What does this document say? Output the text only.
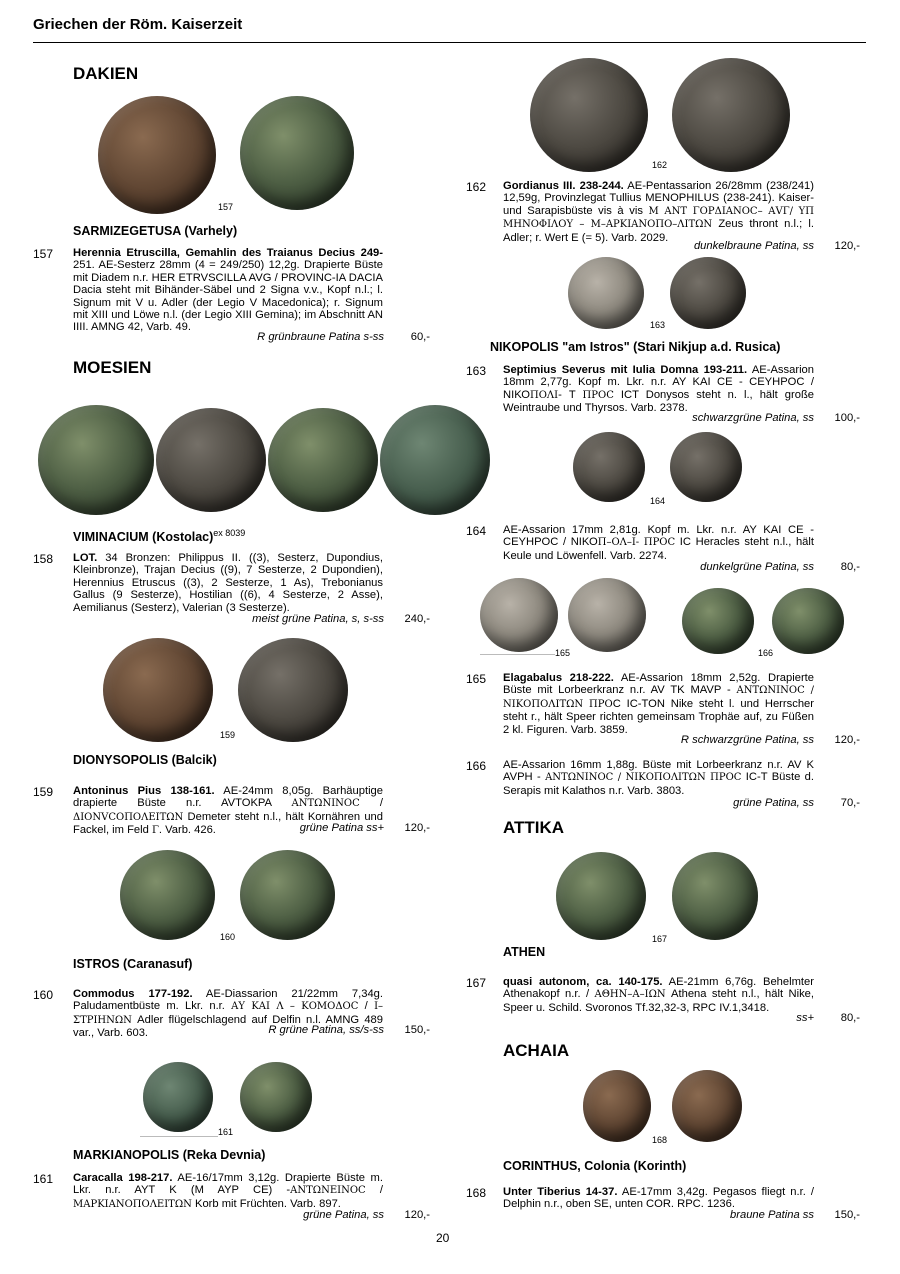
Griechen der Röm. Kaiserzeit
DAKIEN
157
SARMIZEGETUSA (Varhely)
157 Herennia Etruscilla, Gemahlin des Traianus Decius 249- 251. AE-Sesterz 28mm (4 = 249/250) 12,2g. Drapierte Büste mit Diadem n.r. HER ETRVSCILLA AVG / PROVINC-IA DACIA Dacia steht mit Bihänder-Säbel und 2 Signa v.v., Kopf n.l.; l. Signum mit V u. Adler (der Legio V Macedonica); r. Signum mit XIII und Löwe n.l. (der Legio XIII Gemina); im Abschnitt AN IIII. AMNG 42, Varb. 49.
R grünbraune Patina s-ss	60,-
MOESIEN
VIMINACIUM (Kostolac)$^{ex 8039}$
158 LOT. 34 Bronzen: Philippus II. ((3), Sesterz, Dupondius, Kleinbronze), Trajan Decius ((9), 7 Sesterze, 2 Dupondien), Herennius Etruscus ((3), 2 Sesterze, 1 As), Trebonianus Gallus (9 Sesterze), Hostilian ((6), 4 Sesterze, 2 Asse), Aemilianus (Sesterz), Valerian (3 Sesterze).
meist grüne Patina, s, s-ss	240,-
159
DIONYSOPOLIS (Balcik)
159 Antoninus Pius 138-161. AE-24mm 8,05g. Barhäuptige drapierte Büste n.r. AVTOKPA ANTΩNINOC / ΔΙΟΝVCΟΠΟΛΕΙΤΩΝ Demeter steht n.l., hält Kornähren und Fackel, im Feld Γ. Varb. 426.	grüne Patina ss+	120,-
160
ISTROS (Caranasuf)
160 Commodus 177-192. AE-Diassarion 21/22mm 7,34g. Paludamentbüste m. Lkr. n.r. ΑΥ ΚΑΙ Λ – ΚΟΜΟΔΟC / Ι–ΣΤΡΙΗΝΩΝ Adler flügelschlagend auf Delfin n.l. AMNG 489 var., Varb. 603.	R grüne Patina, ss/s-ss	150,-
161
MARKIANOPOLIS (Reka Devnia)
161 Caracalla 198-217. AE-16/17mm 3,12g. Drapierte Büste m. Lkr. n.r. AYT K (M AYP CE) -ANTΩNEINOC / ΜΑΡΚΙΑΝΟΠΟΛΕΙΤΩΝ Korb mit Früchten. Varb. 897.
grüne Patina, ss	120,-
162
162 Gordianus III. 238-244. AE-Pentassarion 26/28mm (238/241) 12,59g, Provinzlegat Tullius MENOPHILUS (238-241). Kaiser- und Sarapisbüste vis à vis Μ ΑΝΤ ΓΟΡΔΙΑΝΟC– ΑVΓ/ ΥΠ ΜΗΝΟΦΙΛΟΥ – Μ–ΑΡΚΙΑΝΟΠΟ–ΛΙΤΩΝ Zeus thront n.l.; l. Adler; r. Wert E (= 5). Varb. 2029.
dunkelbraune Patina, ss	120,-
163
NIKOPOLIS "am Istros" (Stari Nikjup a.d. Rusica)
163 Septimius Severus mit Iulia Domna 193-211. AE-Assarion 18mm 2,77g. Kopf m. Lkr. n.r. AY KAI CE - CEYHPOC / ΝΙΚΟΠΟΛΙ- T ΠΡΟC ICT Donysos steht n. l., hält große Weintraube und Thyrsos. Varb. 2378.
schwarzgrüne Patina, ss	100,-
164
164 AE-Assarion 17mm 2,81g. Kopf m. Lkr. n.r. AY KAI CE - CEYHPOC / ΝΙΚΟΠ–ΟΛ–Ι- ΠΡΟC IC Heracles steht n.l., hält Keule und Löwenfell. Varb. 2274.
dunkelgrüne Patina, ss	80,-
165	166
165 Elagabalus 218-222. AE-Assarion 18mm 2,52g. Drapierte Büste mit Lorbeerkranz n.r. AV TK MAVP - ΑΝΤΩΝΙΝΟC / ΝΙΚΟΠΟΛΙΤΩΝ ΠΡΟC IC-TON Nike steht l. und Herrscher steht r., hält Speer richten gemeinsam Trophäe auf, zu Füßen 2 kl. Figuren. Varb. 3859.
R schwarzgrüne Patina, ss	120,-
166 AE-Assarion 16mm 1,88g. Büste mit Lorbeerkranz n.r. AV K AVPH - ΑΝΤΩΝΙΝΟC / ΝΙΚΟΠΟΛΙΤΩΝ ΠΡΟC IC-T Büste d. Serapis mit Kalathos n.r. Varb. 3803.
grüne Patina, ss	70,-
ATTIKA
167
ATHEN
167 quasi autonom, ca. 140-175. AE-21mm 6,76g. Behelmter Athenakopf n.r. / ΑΘΗΝ–Α–ΙΩΝ Athena steht n.l., hält Nike, Speer u. Schild. Svoronos Tf.32,32-3, RPC IV.1,3418.
ss+	80,-
ACHAIA
168
CORINTHUS, Colonia (Korinth)
168 Unter Tiberius 14-37. AE-17mm 3,42g. Pegasos fliegt n.r. / Delphin n.r., oben SE, unten COR. RPC. 1236.
braune Patina ss	150,-
20
